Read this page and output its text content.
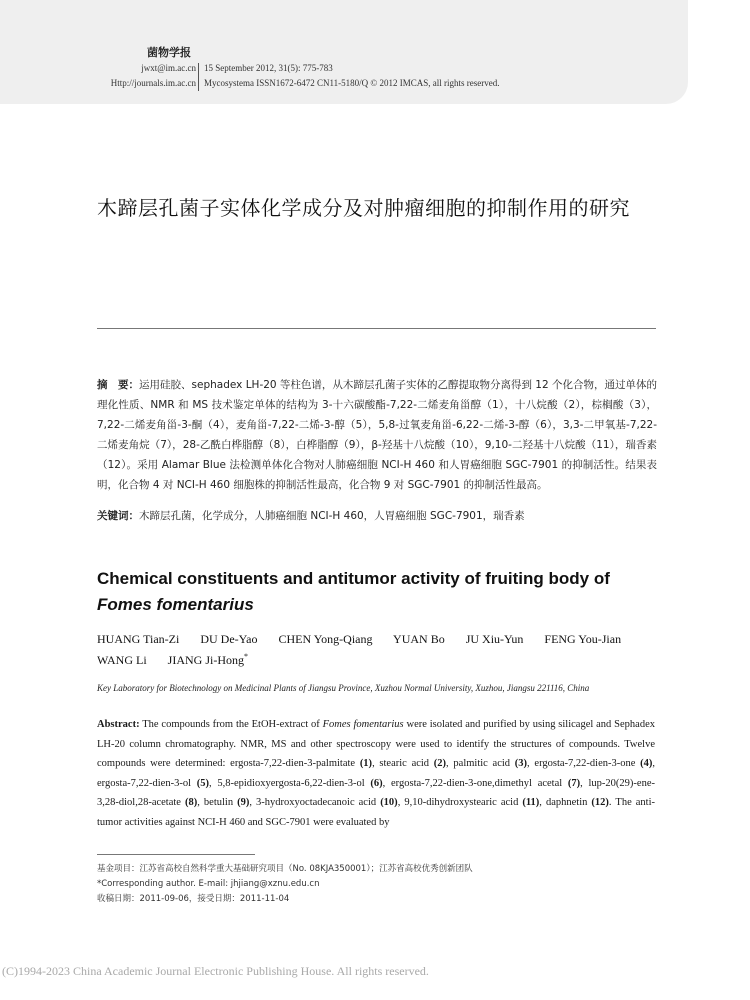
菌物学报
jwxt@im.ac.cn
Http://journals.im.ac.cn
15 September 2012, 31(5): 775-783
Mycosystema ISSN1672-6472 CN11-5180/Q © 2012 IMCAS, all rights reserved.
木蹄层孔菌子实体化学成分及对肿瘤细胞的抑制作用的研究
摘　要：运用硅胶、sephadex LH-20 等柱色谱，从木蹄层孔菌子实体的乙醇提取物分离得到 12 个化合物，通过单体的理化性质、NMR 和 MS 技术鉴定单体的结构为 3-十六碳酸酯-7,22-二烯麦角甾醇（1），十八烷酸（2），棕榈酸（3），7,22-二烯麦角甾-3-酮（4），麦角甾-7,22-二烯-3-醇（5），5,8-过氧麦角甾-6,22-二烯-3-醇（6），3,3-二甲氧基-7,22-二烯麦角烷（7），28-乙酰白桦脂醇（8），白桦脂醇（9），β-羟基十八烷酸（10），9,10-二羟基十八烷酸（11），瑞香素（12）。采用 Alamar Blue 法检测单体化合物对人肺癌细胞 NCI-H 460 和人胃癌细胞 SGC-7901 的抑制活性。结果表明，化合物 4 对 NCI-H 460 细胞株的抑制活性最高，化合物 9 对 SGC-7901 的抑制活性最高。
关键词：木蹄层孔菌，化学成分，人肺癌细胞 NCI-H 460，人胃癌细胞 SGC-7901，瑞香素
Chemical constituents and antitumor activity of fruiting body of
Fomes fomentarius
HUANG Tian-Zi DU De-Yao CHEN Yong-Qiang YUAN Bo JU Xiu-Yun FENG You-Jian
WANG Li JIANG Ji-Hong*
Key Laboratory for Biotechnology on Medicinal Plants of Jiangsu Province, Xuzhou Normal University, Xuzhou, Jiangsu 221116, China
Abstract: The compounds from the EtOH-extract of Fomes fomentarius were isolated and purified by using silicagel and Sephadex LH-20 column chromatography. NMR, MS and other spectroscopy were used to identify the structures of compounds. Twelve compounds were determined: ergosta-7,22-dien-3-palmitate (1), stearic acid (2), palmitic acid (3), ergosta-7,22-dien-3-one (4), ergosta-7,22-dien-3-ol (5), 5,8-epidioxyergosta-6,22-dien-3-ol (6), ergosta-7,22-dien-3-one,dimethyl acetal (7), lup-20(29)-ene-3,28-diol,28-acetate (8), betulin (9), 3-hydroxyoctadecanoic acid (10), 9,10-dihydroxystearic acid (11), daphnetin (12). The anti-tumor activities against NCI-H 460 and SGC-7901 were evaluated by
基金项目：江苏省高校自然科学重大基础研究项目（No. 08KJA350001）；江苏省高校优秀创新团队
*Corresponding author. E-mail: jhjiang@xznu.edu.cn
收稿日期：2011-09-06，接受日期：2011-11-04
(C)1994-2023 China Academic Journal Electronic Publishing House. All rights reserved.
